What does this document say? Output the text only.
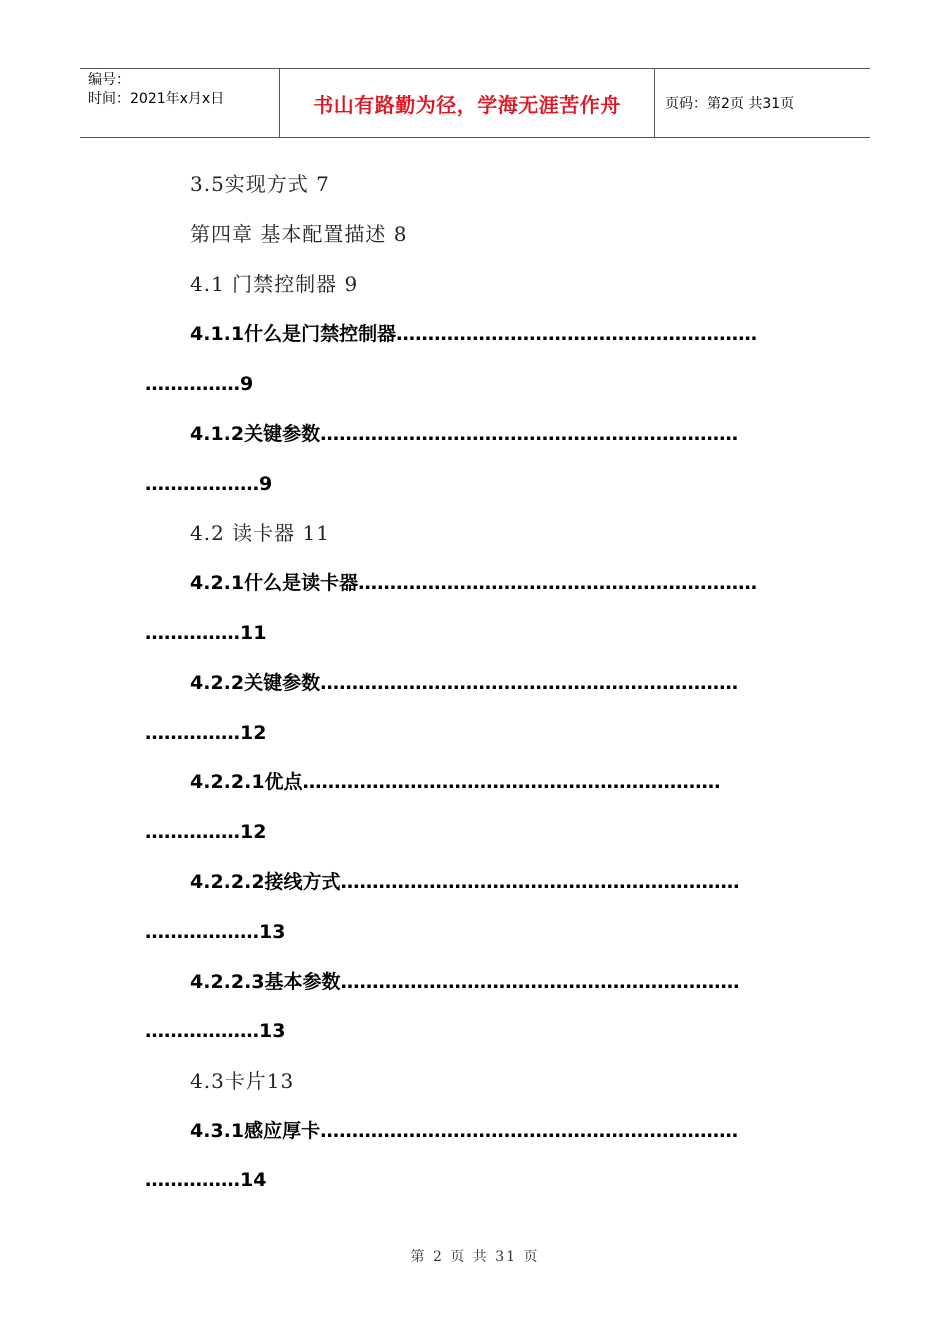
编号：
时间：2021年x月x日	书山有路勤为径，学海无涯苦作舟	页码：第2页 共31页
3.5实现方式 7
第四章 基本配置描述 8
4.1 门禁控制器 9
4.1.1什么是门禁控制器…………………………………………………
……………9
4.1.2关键参数…………………………………………………………
………………9
4.2 读卡器 11
4.2.1什么是读卡器………………………………………………………
……………11
4.2.2关键参数…………………………………………………………
……………12
4.2.2.1优点…………………………………………………………
……………12
4.2.2.2接线方式………………………………………………………
………………13
4.2.2.3基本参数………………………………………………………
………………13
4.3卡片13
4.3.1感应厚卡…………………………………………………………
……………14
第 2 页 共 31 页
